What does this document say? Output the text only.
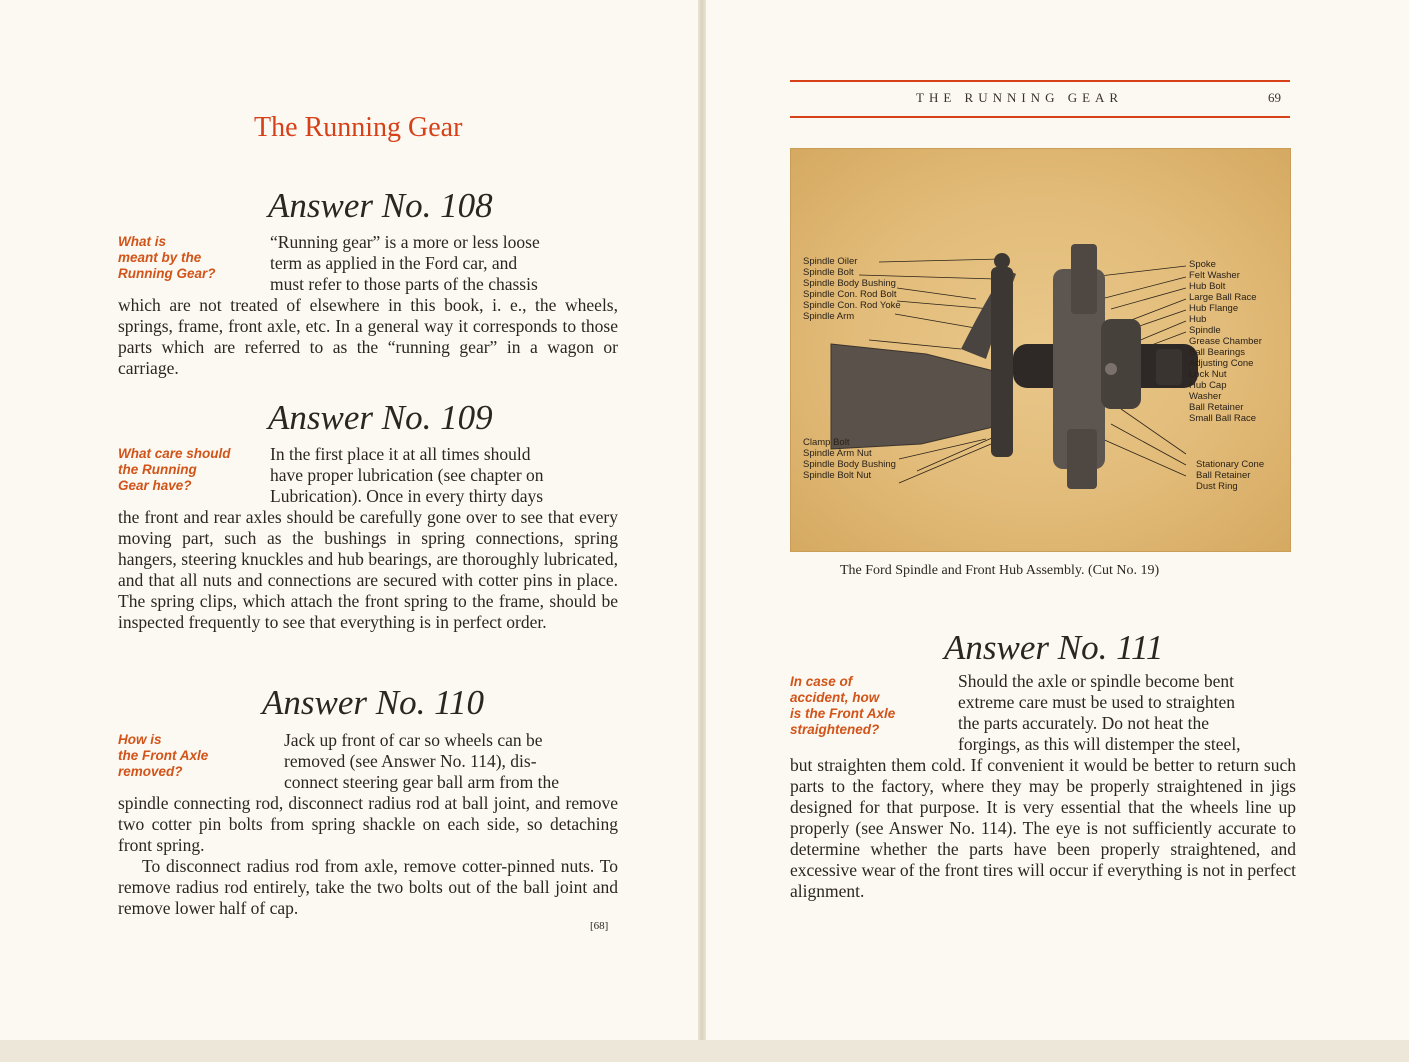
The Running Gear
Answer No. 108
What is
meant by the
Running Gear?

“Running gear” is a more or less loose

term as applied in the Ford car, and

must refer to those parts of the chassis

which are not treated of elsewhere in this book, i. e., the wheels, springs, frame, front axle, etc. In a general way it corresponds to those parts which are referred to as the “running gear” in a wagon or carriage.

Answer No. 109
What care should
the Running
Gear have?

In the first place it at all times should

have proper lubrication (see chapter on

Lubrication). Once in every thirty days

the front and rear axles should be carefully gone over to see that every moving part, such as the bushings in spring connections, spring hangers, steering knuckles and hub bearings, are thoroughly lubricated, and that all nuts and connections are secured with cotter pins in place. The spring clips, which attach the front spring to the frame, should be inspected frequently to see that everything is in perfect order.

Answer No. 110
How is
the Front Axle
removed?

Jack up front of car so wheels can be

removed (see Answer No. 114), dis-

connect steering gear ball arm from the

spindle connecting rod, disconnect radius rod at ball joint, and remove two cotter pin bolts from spring shackle on each side, so detaching front spring.

To disconnect radius rod from axle, remove cotter-pinned nuts. To remove radius rod entirely, take the two bolts out of the ball joint and remove lower half of cap.

[68]
THE RUNNING GEAR	69
Spindle Oiler
Spindle Bolt
Spindle Body Bushing
Spindle Con. Rod Bolt
Spindle Con. Rod Yoke
Spindle Arm
Clamp Bolt
Spindle Arm Nut
Spindle Body Bushing
Spindle Bolt Nut
Spoke
Felt Washer
Hub Bolt
Large Ball Race
Hub Flange
Hub
Spindle
Grease Chamber
Ball Bearings
Adjusting Cone
Lock Nut
Hub Cap
Washer
Ball Retainer
Small Ball Race
Stationary Cone
Ball Retainer
Dust Ring
The Ford Spindle and Front Hub Assembly. (Cut No. 19)
Answer No. 111
In case of
accident, how
is the Front Axle
straightened?

Should the axle or spindle become bent

extreme care must be used to straighten

the parts accurately. Do not heat the

forgings, as this will distemper the steel,

but straighten them cold. If convenient it would be better to return such parts to the factory, where they may be properly straightened in jigs designed for that purpose. It is very essential that the wheels line up properly (see Answer No. 114). The eye is not sufficiently accurate to determine whether the parts have been properly straightened, and excessive wear of the front tires will occur if everything is not in perfect alignment.
